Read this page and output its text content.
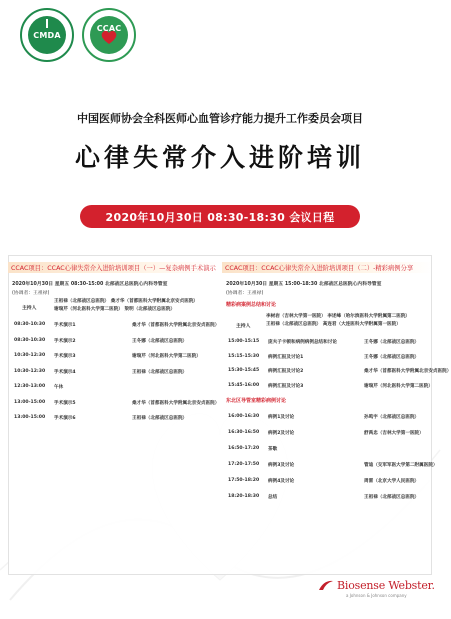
CMDA
CCAC
中国医师协会全科医师心血管诊疗能力提升工作委员会项目
心律失常介入进阶培训
2020年10月30日 08:30-18:30 会议日程
CCAC项目：CCAC心律失常介入进阶培训项目（一）—复杂病例手术演示
2020年10月30日 星期五 08:30-15:00 北部战区总医院心内科导管室
(协调者：王祖禄)
主持人
王祖禄（北部战区总医院） 桑才华（首都医科大学附属北京安贞医院）
谢瑞芹（河北医科大学第二医院） 梁明（北部战区总医院）
08:30-10:30	手术演示1	桑才华（首都医科大学附属北京安贞医院）
08:30-10:30	手术演示2	王冬娜（北部战区总医院）
10:30-12:30	手术演示3	谢瑞芹（河北医科大学第二医院）
10:30-12:30	手术演示4	王祖禄（北部战区总医院）
12:30-13:00	午休
13:00-15:00	手术演示5	桑才华（首都医科大学附属北京安贞医院）
13:00-15:00	手术演示6	王祖禄（北部战区总医院）
CCAC项目：CCAC心律失常介入进阶培训项目（二）-精彩病例分享
2020年10月30日 星期五 15:00-18:30 北部战区总医院心内科导管室
(协调者：王祖禄)
精彩病案例总结和讨论
主持人
李树岩（吉林大学第一医院） 李述峰（哈尔滨医科大学附属第二医院）
王祖禄（北部战区总医院） 高连君（大连医科大学附属第一医院）
15:00-15:15	庞夫子卡顿和病例病例总结和讨论	王冬娜（北部战区总医院）
15:15-15:30	病例汇报及讨论1	王冬娜（北部战区总医院）
15:30-15:45	病例汇报及讨论2	桑才华（首都医科大学附属北京安贞医院）
15:45-16:00	病例汇报及讨论3	谢瑞芹（河北医科大学第二医院）
东北区导管室精彩病例讨论
16:00-16:30	病例1及讨论	孙鸣宇（北部战区总医院）
16:30-16:50	病例2及讨论	舒禹忠（吉林大学第一医院）
16:50-17:20	茶歇
17:20-17:50	病例3及讨论	管迪（交军军医大学第二附属医院）
17:50-18:20	病例4及讨论	周雷（北京大学人民医院）
18:20-18:30	总结	王祖禄（北部战区总医院）
Biosense Webster.
a Johnson & Johnson company
